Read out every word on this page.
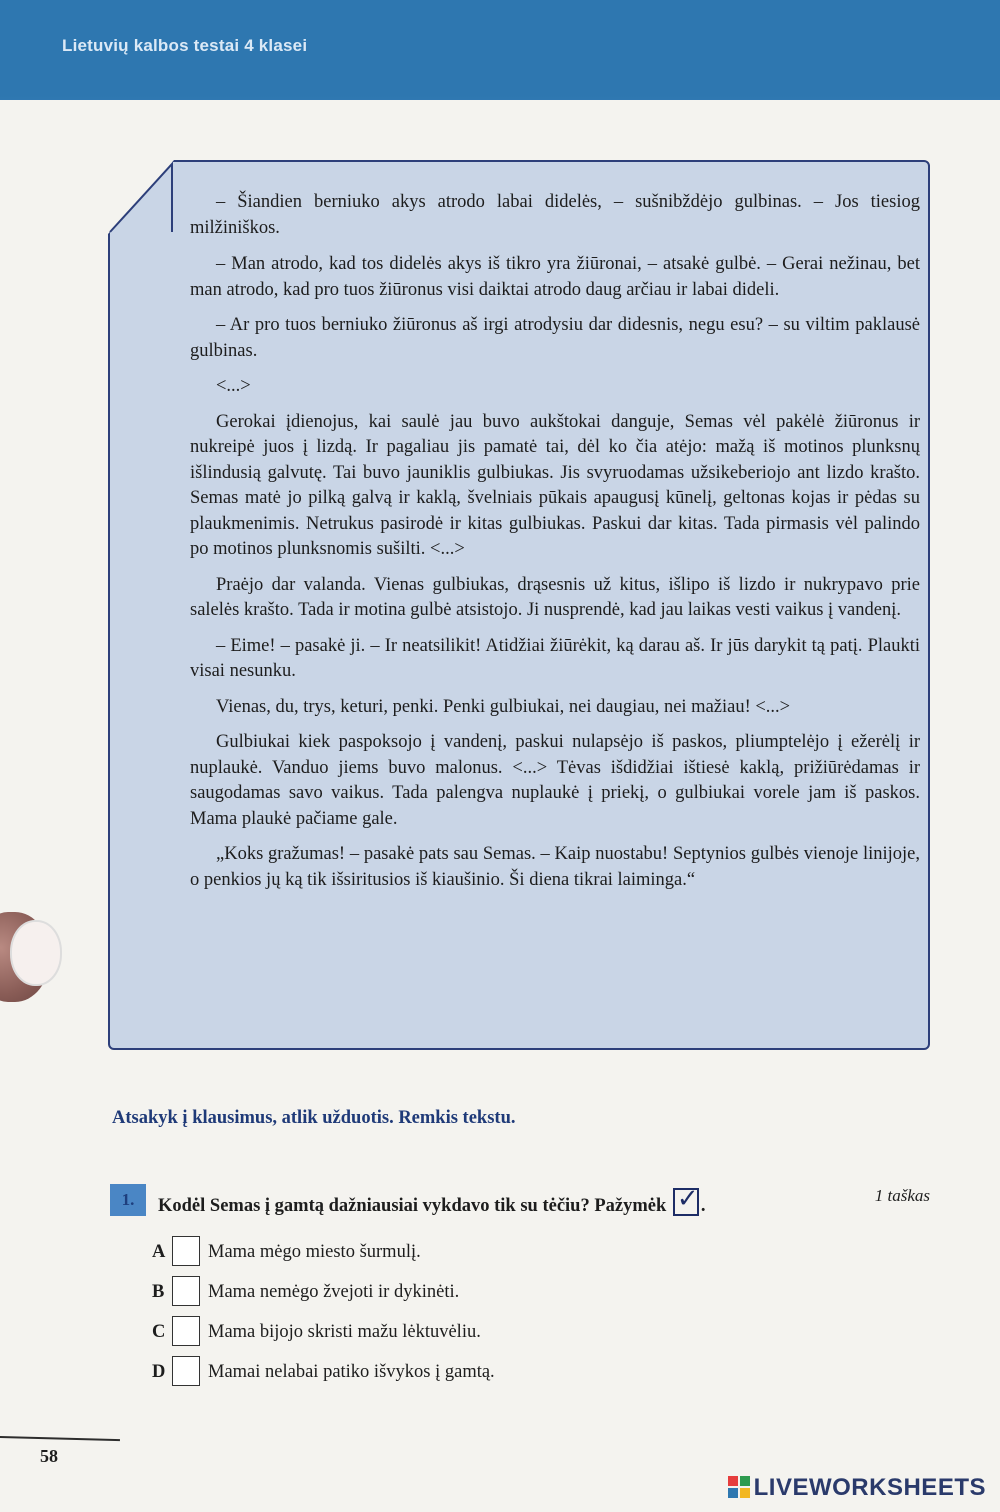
Lietuvių kalbos testai 4 klasei

– Šiandien berniuko akys atrodo labai didelės, – sušnibždėjo gulbinas. – Jos tiesiog milžiniškos.

– Man atrodo, kad tos didelės akys iš tikro yra žiūronai, – atsakė gulbė. – Gerai nežinau, bet man atrodo, kad pro tuos žiūronus visi daiktai atrodo daug arčiau ir labai dideli.

– Ar pro tuos berniuko žiūronus aš irgi atrodysiu dar didesnis, negu esu? – su viltim paklausė gulbinas.

<...>

Gerokai įdienojus, kai saulė jau buvo aukštokai danguje, Semas vėl pakėlė žiūronus ir nukreipė juos į lizdą. Ir pagaliau jis pamatė tai, dėl ko čia atėjo: mažą iš motinos plunksnų išlindusią galvutę. Tai buvo jauniklis gulbiukas. Jis svyruodamas užsikeberiojo ant lizdo krašto. Semas matė jo pilką galvą ir kaklą, švelniais pūkais apaugusį kūnelį, geltonas kojas ir pėdas su plaukmenimis. Netrukus pasirodė ir kitas gulbiukas. Paskui dar kitas. Tada pirmasis vėl palindo po motinos plunksnomis sušilti. <...>

Praėjo dar valanda. Vienas gulbiukas, drąsesnis už kitus, išlipo iš lizdo ir nukrypavo prie salelės krašto. Tada ir motina gulbė atsistojo. Ji nusprendė, kad jau laikas vesti vaikus į vandenį.

– Eime! – pasakė ji. – Ir neatsilikit! Atidžiai žiūrėkit, ką darau aš. Ir jūs darykit tą patį. Plaukti visai nesunku.

Vienas, du, trys, keturi, penki. Penki gulbiukai, nei daugiau, nei mažiau! <...>

Gulbiukai kiek paspoksojo į vandenį, paskui nulapsėjo iš paskos, pliumptelėjo į ežerėlį ir nuplaukė. Vanduo jiems buvo malonus. <...> Tėvas išdidžiai ištiesė kaklą, prižiūrėdamas ir saugodamas savo vaikus. Tada palengva nuplaukė į priekį, o gulbiukai vorele jam iš paskos. Mama plaukė pačiame gale.

„Koks gražumas! – pasakė pats sau Semas. – Kaip nuostabu! Septynios gulbės vienoje linijoje, o penkios jų ką tik išsiritusios iš kiaušinio. Ši diena tikrai laiminga.“

Atsakyk į klausimus, atlik užduotis. Remkis tekstu.
1.	Kodėl Semas į gamtą dažniausiai vykdavo tik su tėčiu? Pažymėk ✓ .
1 taškas
A	Mama mėgo miesto šurmulį.
B	Mama nemėgo žvejoti ir dykinėti.
C	Mama bijojo skristi mažu lėktuvėliu.
D	Mamai nelabai patiko išvykos į gamtą.
58
LIVEWORKSHEETS
